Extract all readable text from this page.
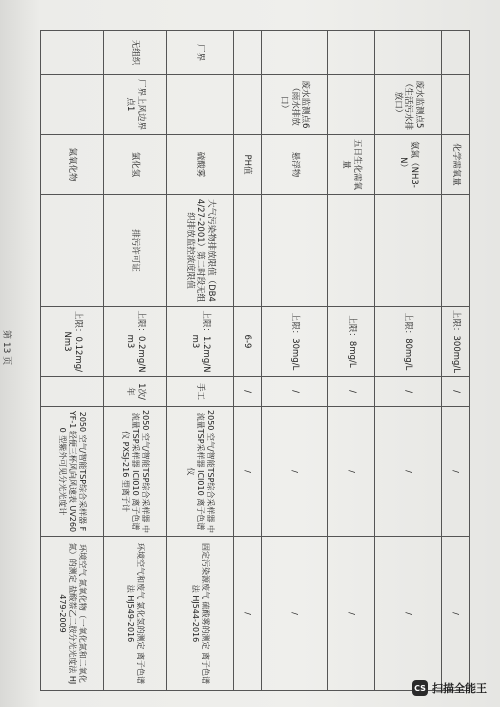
第 13 页
		化学需氧量		上限：300mg/L	/	/	/
	废水监测点5（生活污水排放口）	氨氮（NH3-N）		上限：80mg/L	/	/	/
		五日生化需氧量		上限：8mg/L	/	/	/
	废水监测点6（雨水排放口）	悬浮物		上限：30mg/L	/	/	/
		PH值		6-9	/	/	/
厂界		硫酸雾	大气污染物排放限值（DB44/27-2001）第二时段无组织排放监控浓度限值	上限：1.2mg/Nm3	手工	2050 空气/智能TSP综合采样器 中流量TSP采样器 ICI010 离子色谱仪	固定污染源废气 硫酸雾的测定 离子色谱法 HJ544-2016
无组织	厂界上风边界点1	氯化氢	排污许可证	上限：0.2mg/Nm3	1次/年	2050 空气/智能TSP综合采样器 中流量TSP采样器 ICI010 离子色谱仪 PXSJ-216 型离子计	环境空气和废气 氯化氢的测定 离子色谱法 HJ549-2016
		氮氧化物		上限：0.12mg/Nm3		2050 空气/智能TSP综合采样器 FYF-1 轻便三杯风向风速表 UV2600 型紫外可见分光光度计	环境空气 氮氧化物（一氧化氮和二氧化氮）的测定 盐酸萘乙二胺分光光度法 HJ 479-2009
CS 扫描全能王
